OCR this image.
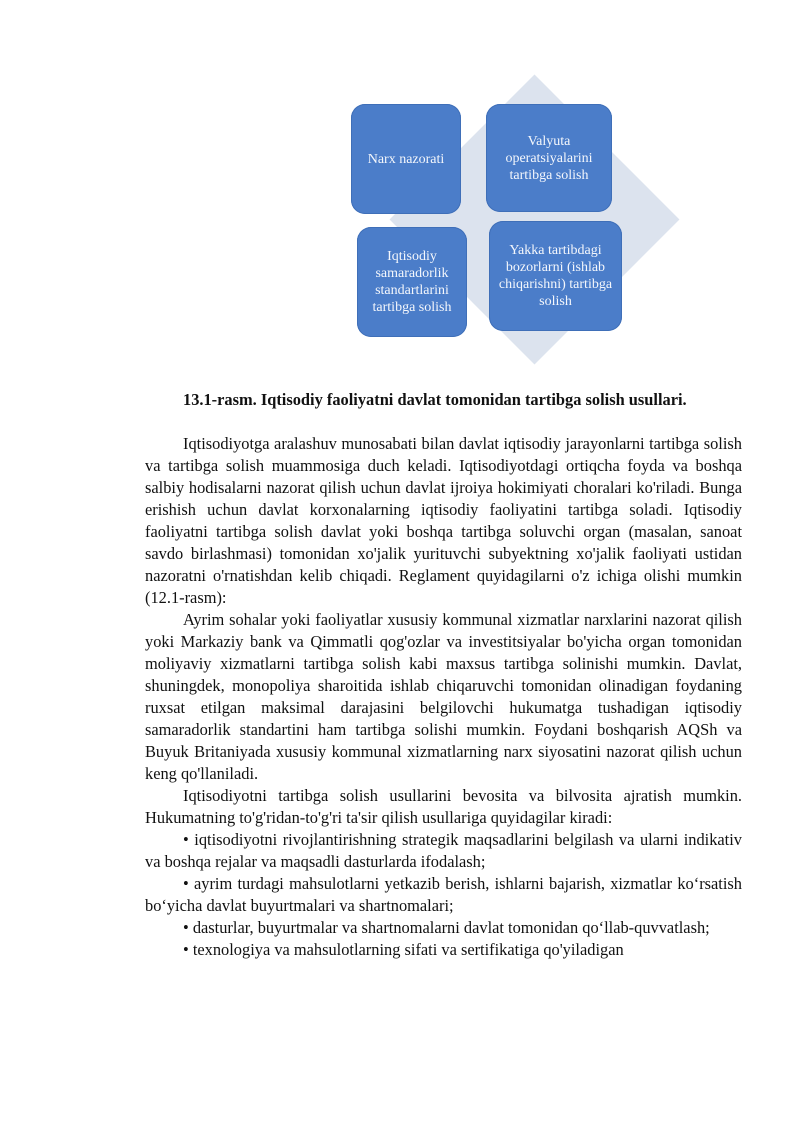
Narx nazorati
Valyuta operatsiyalarini tartibga solish
Iqtisodiy samaradorlik standartlarini tartibga solish
Yakka tartibdagi bozorlarni (ishlab chiqarishni) tartibga solish
13.1-rasm. Iqtisodiy faoliyatni davlat tomonidan tartibga solish usullari.

Iqtisodiyotga aralashuv munosabati bilan davlat iqtisodiy jarayonlarni tartibga solish va tartibga solish muammosiga duch keladi. Iqtisodiyotdagi ortiqcha foyda va boshqa salbiy hodisalarni nazorat qilish uchun davlat ijroiya hokimiyati choralari ko'riladi. Bunga erishish uchun davlat korxonalarning iqtisodiy faoliyatini tartibga soladi. Iqtisodiy faoliyatni tartibga solish davlat yoki boshqa tartibga soluvchi organ (masalan, sanoat savdo birlashmasi) tomonidan xo'jalik yurituvchi subyektning xo'jalik faoliyati ustidan nazoratni o'rnatishdan kelib chiqadi. Reglament quyidagilarni o'z ichiga olishi mumkin (12.1-rasm):

Ayrim sohalar yoki faoliyatlar xususiy kommunal xizmatlar narxlarini nazorat qilish yoki Markaziy bank va Qimmatli qog'ozlar va investitsiyalar bo'yicha organ tomonidan moliyaviy xizmatlarni tartibga solish kabi maxsus tartibga solinishi mumkin. Davlat, shuningdek, monopoliya sharoitida ishlab chiqaruvchi tomonidan olinadigan foydaning ruxsat etilgan maksimal darajasini belgilovchi hukumatga tushadigan iqtisodiy samaradorlik standartini ham tartibga solishi mumkin. Foydani boshqarish AQSh va Buyuk Britaniyada xususiy kommunal xizmatlarning narx siyosatini nazorat qilish uchun keng qo'llaniladi.

Iqtisodiyotni tartibga solish usullarini bevosita va bilvosita ajratish mumkin. Hukumatning to'g'ridan-to'g'ri ta'sir qilish usullariga quyidagilar kiradi:

• iqtisodiyotni rivojlantirishning strategik maqsadlarini belgilash va ularni indikativ va boshqa rejalar va maqsadli dasturlarda ifodalash;

• ayrim turdagi mahsulotlarni yetkazib berish, ishlarni bajarish, xizmatlar ko‘rsatish bo‘yicha davlat buyurtmalari va shartnomalari;

• dasturlar, buyurtmalar va shartnomalarni davlat tomonidan qo‘llab-quvvatlash;

• texnologiya va mahsulotlarning sifati va sertifikatiga qo'yiladigan
